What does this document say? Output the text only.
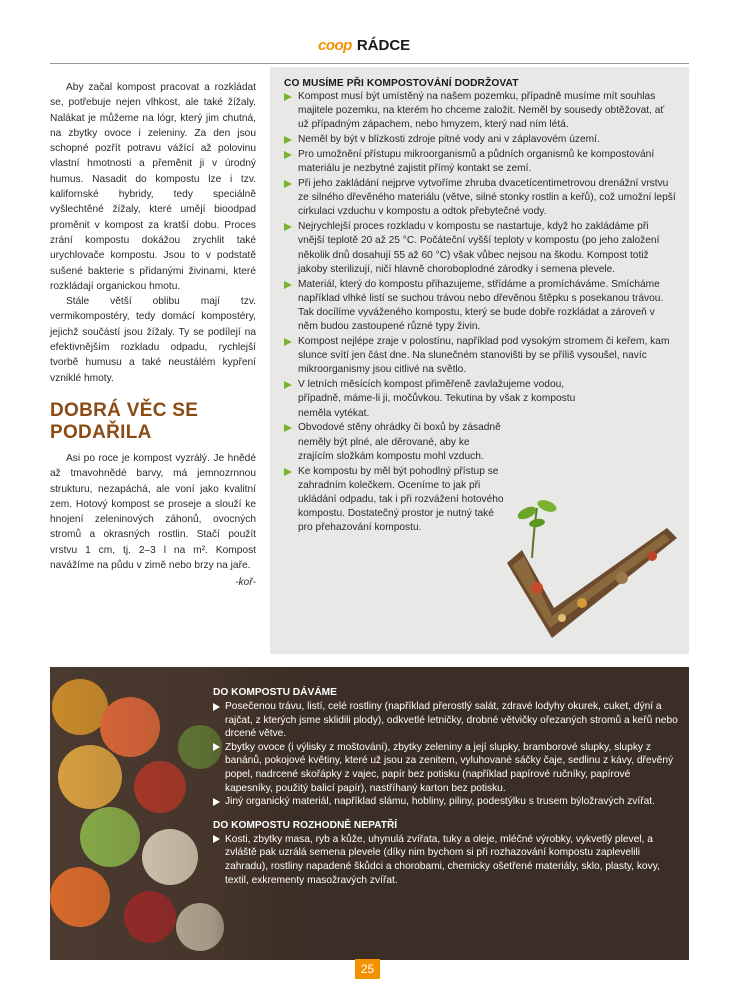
coop RÁDCE

Aby začal kompost pracovat a rozkládat se, potřebuje nejen vlhkost, ale také žížaly. Nalákat je můžeme na lógr, který jim chutná, na zbytky ovoce i zeleniny. Za den jsou schopné pozřít potravu vážící až polovinu vlastní hmotnosti a přeměnit ji v úrodný humus. Nasadit do kompostu lze i tzv. kalifornské hybridy, tedy speciálně vyšlechtěné žížaly, které umějí bioodpad proměnit v kompost za kratší dobu. Proces zrání kompostu dokážou zrychlit také urychlovače kompostu. Jsou to v podstatě sušené bakterie s přidanými živinami, které rozkládají organickou hmotu.

Stále větší oblibu mají tzv. vermikompostéry, tedy domácí kompostéry, jejichž součástí jsou žížaly. Ty se podílejí na efektivnějším rozkladu odpadu, rychlejší tvorbě humusu a také neustálém kypření vzniklé hmoty.

DOBRÁ VĚC SE PODAŘILA

Asi po roce je kompost vyzrálý. Je hnědé až tmavohnědé barvy, má jemnozrnnou strukturu, nezapáchá, ale voní jako kvalitní zem. Hotový kompost se proseje a slouží ke hnojení zeleninových záhonů, ovocných stromů a okrasných rostlin. Stačí použít vrstvu 1 cm, tj. 2–3 l na m². Kompost navážíme na půdu v zimě nebo brzy na jaře.

-koř-
CO MUSÍME PŘI KOMPOSTOVÁNÍ DODRŽOVAT
Kompost musí být umístěný na našem pozemku, případně musíme mít souhlas majitele pozemku, na kterém ho chceme založit. Neměl by sousedy obtěžovat, ať už případným zápachem, nebo hmyzem, který nad ním létá.
Neměl by být v blízkosti zdroje pitné vody ani v záplavovém území.
Pro umožnění přístupu mikroorganismů a půdních organismů ke kompostování materiálu je nezbytné zajistit přímý kontakt se zemí.
Při jeho zakládání nejprve vytvoříme zhruba dvacetícentimetrovou drenážní vrstvu ze silného dřevěného materiálu (větve, silné stonky rostlin a keřů), což umožní lepší cirkulaci vzduchu v kompostu a odtok přebytečné vody.
Nejrychlejší proces rozkladu v kompostu se nastartuje, když ho zakládáme při vnější teplotě 20 až 25 °C. Počáteční vyšší teploty v kompostu (po jeho založení několik dnů dosahují 55 až 60 °C) však vůbec nejsou na škodu. Kompost totiž jakoby sterilizují, ničí hlavně choroboplodné zárodky i semena plevele.
Materiál, který do kompostu přihazujeme, střídáme a promícháváme. Smícháme například vlhké listí se suchou trávou nebo dřevěnou štěpku s posekanou trávou. Tak docílíme vyváženého kompostu, který se bude dobře rozkládat a zároveň v něm budou zastoupené různé typy živin.
Kompost nejlépe zraje v polostínu, například pod vysokým stromem či keřem, kam slunce svítí jen část dne. Na slunečném stanovišti by se příliš vysoušel, navíc mikroorganismy jsou citlivé na světlo.
V letních měsících kompost přiměřeně zavlažujeme vodou, případně, máme-li ji, močůvkou. Tekutina by však z kompostu neměla vytékat.
Obvodové stěny ohrádky či boxů by zásadně neměly být plné, ale děrované, aby ke zrajícím složkám kompostu mohl vzduch.
Ke kompostu by měl být pohodlný přístup se zahradním kolečkem. Oceníme to jak při ukládání odpadu, tak i při rozvážení hotového kompostu. Dostatečný prostor je nutný také pro přehazování kompostu.
DO KOMPOSTU DÁVÁME
Posečenou trávu, listí, celé rostliny (například přerostlý salát, zdravé lodyhy okurek, cuket, dýní a rajčat, z kterých jsme sklidili plody), odkvetlé letničky, drobné větvičky ořezaných stromů a keřů nebo drcené větve.
Zbytky ovoce (i výlisky z moštování), zbytky zeleniny a její slupky, bramborové slupky, slupky z banánů, pokojové květiny, které už jsou za zenitem, vyluhované sáčky čaje, sedlinu z kávy, dřevěný popel, nadrcené skořápky z vajec, papír bez potisku (například papírové ručníky, papírové kapesníky, použitý balicí papír), nastříhaný karton bez potisku.
Jiný organický materiál, například slámu, hobliny, piliny, podestýlku s trusem býložravých zvířat.
DO KOMPOSTU ROZHODNĚ NEPATŘÍ
Kosti, zbytky masa, ryb a kůže, uhynulá zvířata, tuky a oleje, mléčné výrobky, vykvetlý plevel, a zvláště pak uzrálá semena plevele (díky nim bychom si při rozhazování kompostu zaplevelili zahradu), rostliny napadené škůdci a chorobami, chemicky ošetřené materiály, sklo, plasty, kovy, textil, exkrementy masožravých zvířat.
25
